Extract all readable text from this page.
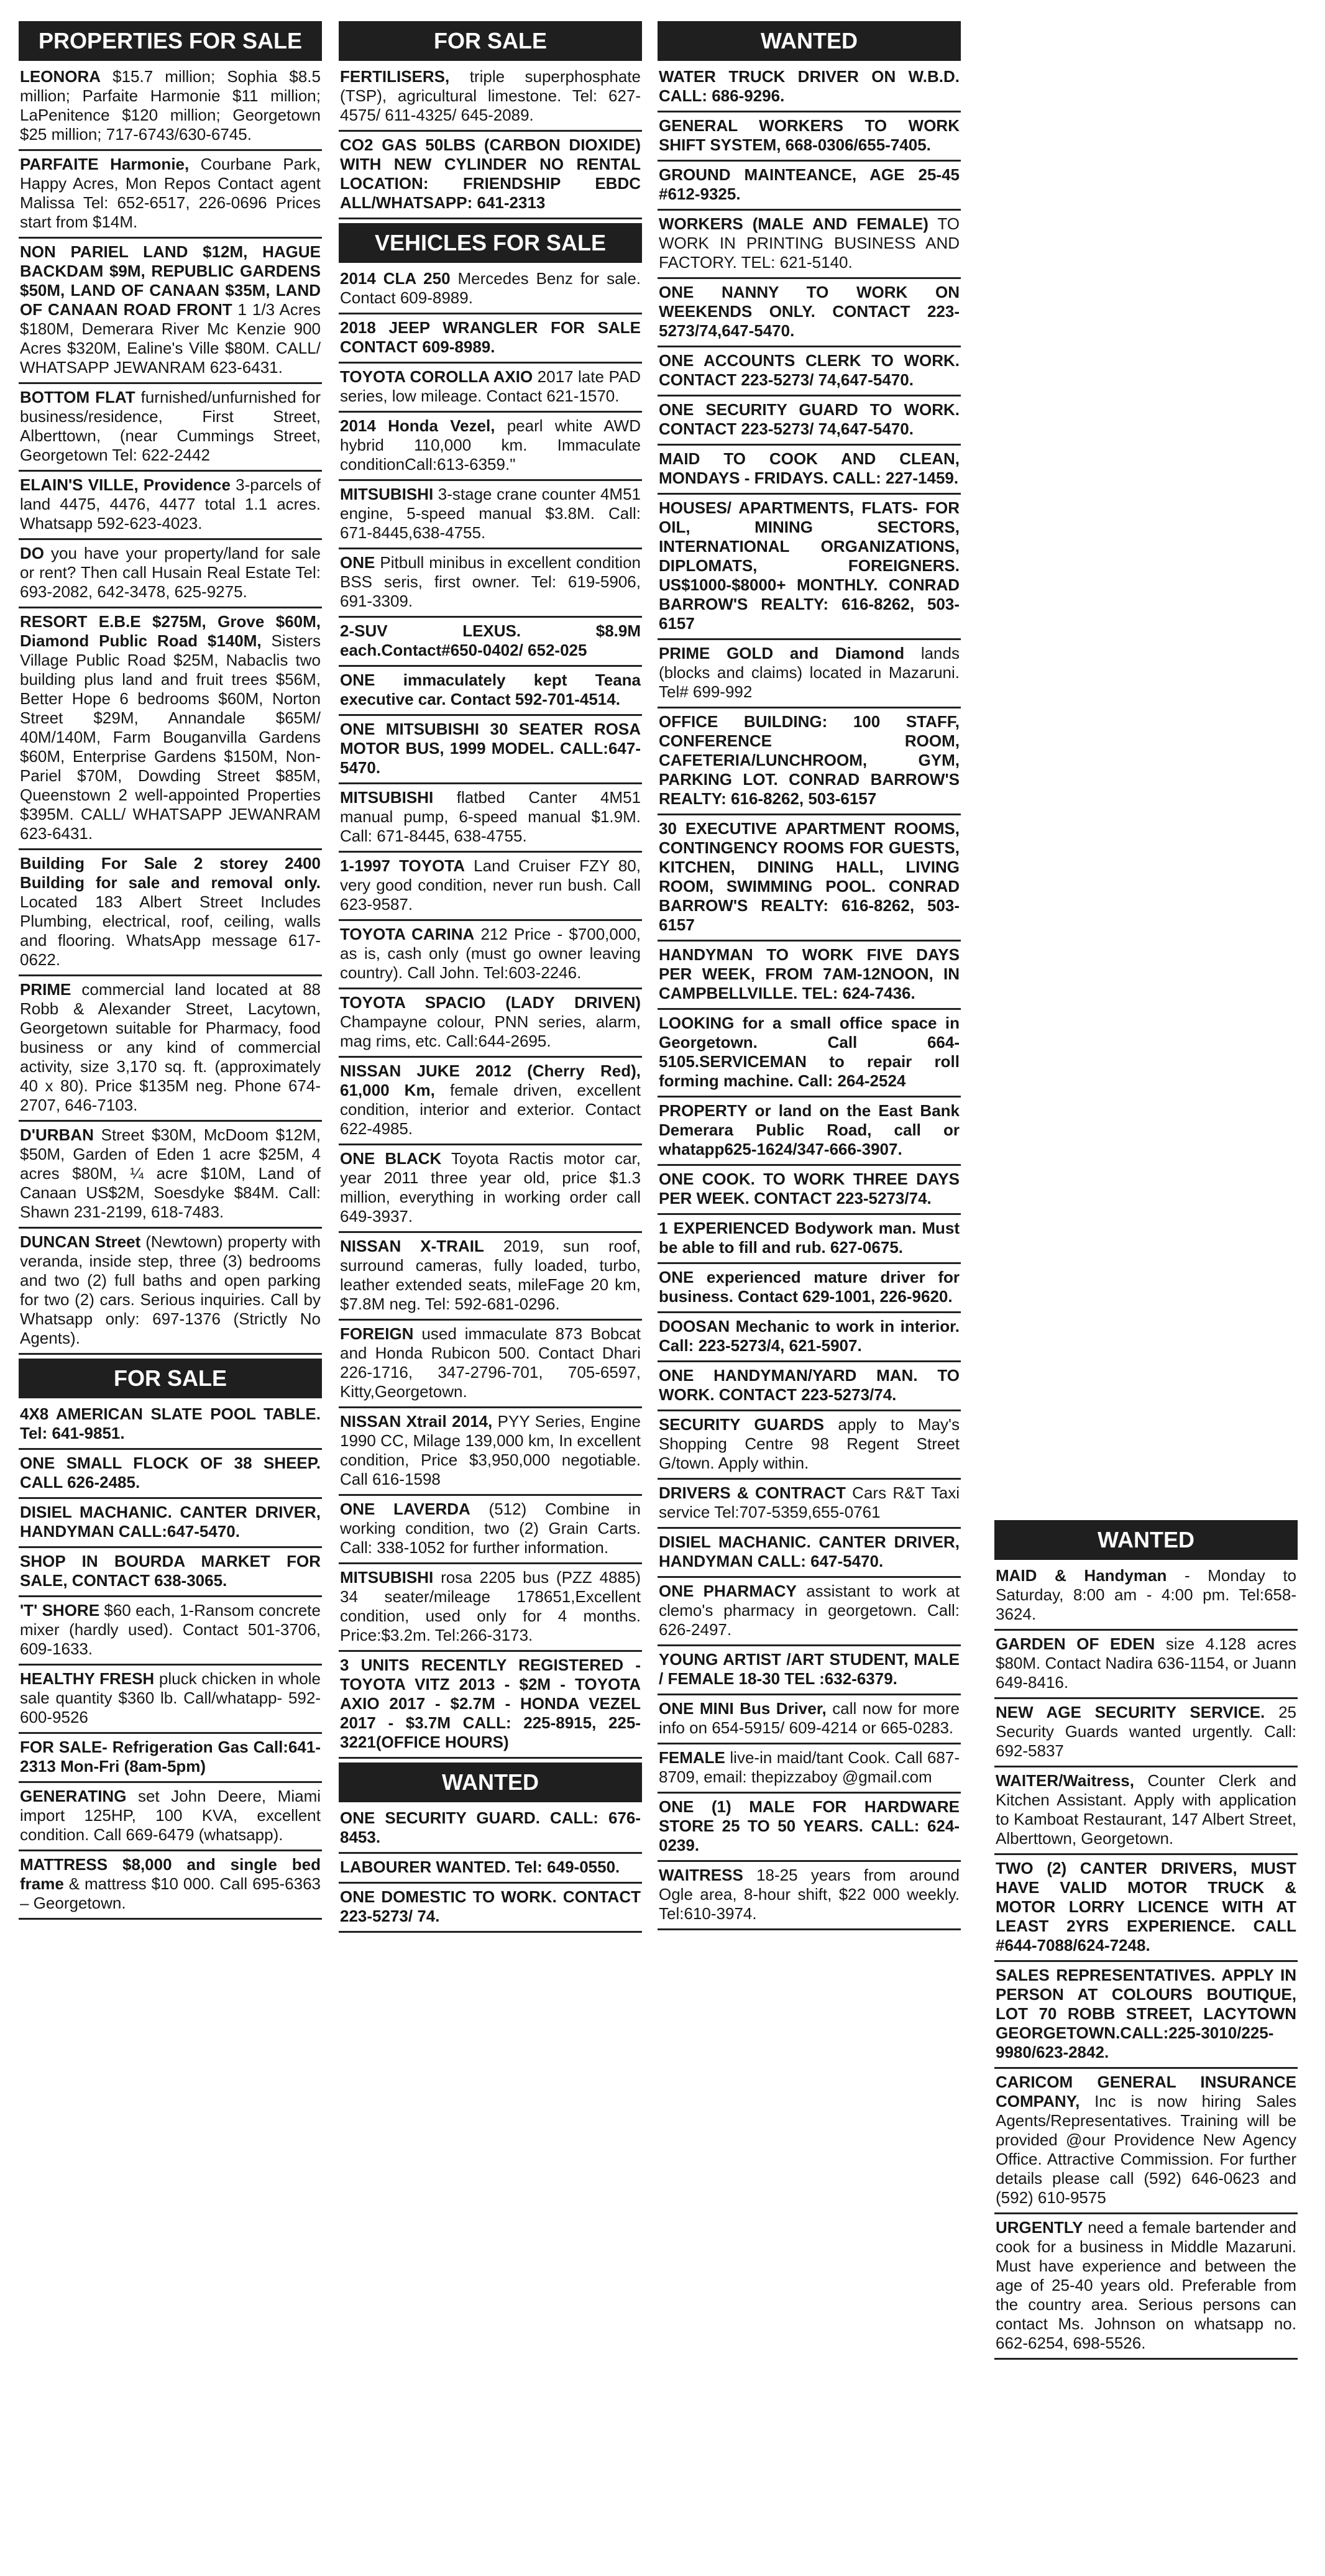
PROPERTIES FOR SALE
LEONORA $15.7 million; Sophia $8.5 million; Parfaite Harmonie $11 million; LaPenitence $120 million; Georgetown $25 million; 717-6743/630-6745.
PARFAITE Harmonie, Courbane Park, Happy Acres, Mon Repos Contact agent Malissa Tel: 652-6517, 226-0696 Prices start from $14M.
NON PARIEL LAND $12M, HAGUE BACKDAM $9M, REPUBLIC GARDENS $50M, LAND OF CANAAN $35M, LAND OF CANAAN ROAD FRONT 1 1/3 Acres $180M, Demerara River Mc Kenzie 900 Acres $320M, Ealine's Ville $80M. CALL/ WHATSAPP JEWANRAM 623-6431.
BOTTOM FLAT furnished/unfurnished for business/residence, First Street, Alberttown, (near Cummings Street, Georgetown Tel: 622-2442
ELAIN'S VILLE, Providence 3-parcels of land 4475, 4476, 4477 total 1.1 acres. Whatsapp 592-623-4023.
DO you have your property/land for sale or rent? Then call Husain Real Estate Tel: 693-2082, 642-3478, 625-9275.
RESORT E.B.E $275M, Grove $60M, Diamond Public Road $140M, Sisters Village Public Road $25M, Nabaclis two building plus land and fruit trees $56M, Better Hope 6 bedrooms $60M, Norton Street $29M, Annandale $65M/ 40M/140M, Farm Bouganvilla Gardens $60M, Enterprise Gardens $150M, Non-Pariel $70M, Dowding Street $85M, Queenstown 2 well-appointed Properties $395M. CALL/ WHATSAPP JEWANRAM 623-6431.
Building For Sale 2 storey 2400 Building for sale and removal only. Located 183 Albert Street Includes Plumbing, electrical, roof, ceiling, walls and flooring. WhatsApp message 617-0622.
PRIME commercial land located at 88 Robb & Alexander Street, Lacytown, Georgetown suitable for Pharmacy, food business or any kind of commercial activity, size 3,170 sq. ft. (approximately 40 x 80). Price $135M neg. Phone 674-2707, 646-7103.
D'URBAN Street $30M, McDoom $12M, $50M, Garden of Eden 1 acre $25M, 4 acres $80M, ¼ acre $10M, Land of Canaan US$2M, Soesdyke $84M. Call: Shawn 231-2199, 618-7483.
DUNCAN Street (Newtown) property with veranda, inside step, three (3) bedrooms and two (2) full baths and open parking for two (2) cars. Serious inquiries. Call by Whatsapp only: 697-1376 (Strictly No Agents).
FOR SALE
4X8 AMERICAN SLATE POOL TABLE. Tel: 641-9851.
ONE SMALL FLOCK OF 38 SHEEP. CALL 626-2485.
DISIEL MACHANIC. CANTER DRIVER, HANDYMAN CALL:647-5470.
SHOP IN BOURDA MARKET FOR SALE, CONTACT 638-3065.
'T' SHORE $60 each, 1-Ransom concrete mixer (hardly used). Contact 501-3706, 609-1633.
HEALTHY FRESH pluck chicken in whole sale quantity $360 lb. Call/whatapp- 592-600-9526
FOR SALE- Refrigeration Gas Call:641-2313 Mon-Fri (8am-5pm)
GENERATING set John Deere, Miami import 125HP, 100 KVA, excellent condition. Call 669-6479 (whatsapp).
MATTRESS $8,000 and single bed frame & mattress $10 000. Call 695-6363 – Georgetown.
FOR SALE
FERTILISERS, triple superphosphate (TSP), agricultural limestone. Tel: 627-4575/ 611-4325/ 645-2089.
CO2 GAS 50LBS (CARBON DIOXIDE) WITH NEW CYLINDER NO RENTAL LOCATION: FRIENDSHIP EBDC ALL/WHATSAPP: 641-2313
VEHICLES FOR SALE
2014 CLA 250 Mercedes Benz for sale. Contact 609-8989.
2018 JEEP WRANGLER FOR SALE CONTACT 609-8989.
TOYOTA COROLLA AXIO 2017 late PAD series, low mileage. Contact 621-1570.
2014 Honda Vezel, pearl white AWD hybrid 110,000 km. Immaculate conditionCall:613-6359."
MITSUBISHI 3-stage crane counter 4M51 engine, 5-speed manual $3.8M. Call: 671-8445,638-4755.
ONE Pitbull minibus in excellent condition BSS seris, first owner. Tel: 619-5906, 691-3309.
2-SUV LEXUS. $8.9M each.Contact#650-0402/ 652-025
ONE immaculately kept Teana executive car. Contact 592-701-4514.
ONE MITSUBISHI 30 SEATER ROSA MOTOR BUS, 1999 MODEL. CALL:647-5470.
MITSUBISHI flatbed Canter 4M51 manual pump, 6-speed manual $1.9M. Call: 671-8445, 638-4755.
1-1997 TOYOTA Land Cruiser FZY 80, very good condition, never run bush. Call 623-9587.
TOYOTA CARINA 212 Price - $700,000, as is, cash only (must go owner leaving country). Call John. Tel:603-2246.
TOYOTA SPACIO (LADY DRIVEN) Champayne colour, PNN series, alarm, mag rims, etc. Call:644-2695.
NISSAN JUKE 2012 (Cherry Red), 61,000 Km, female driven, excellent condition, interior and exterior. Contact 622-4985.
ONE BLACK Toyota Ractis motor car, year 2011 three year old, price $1.3 million, everything in working order call 649-3937.
NISSAN X-TRAIL 2019, sun roof, surround cameras, fully loaded, turbo, leather extended seats, mileFage 20 km, $7.8M neg. Tel: 592-681-0296.
FOREIGN used immaculate 873 Bobcat and Honda Rubicon 500. Contact Dhari 226-1716, 347-2796-701, 705-6597, Kitty,Georgetown.
NISSAN Xtrail 2014, PYY Series, Engine 1990 CC, Milage 139,000 km, In excellent condition, Price $3,950,000 negotiable. Call 616-1598
ONE LAVERDA (512) Combine in working condition, two (2) Grain Carts. Call: 338-1052 for further information.
MITSUBISHI rosa 2205 bus (PZZ 4885) 34 seater/mileage 178651,Excellent condition, used only for 4 months. Price:$3.2m. Tel:266-3173.
3 UNITS RECENTLY REGISTERED - TOYOTA VITZ 2013 - $2M - TOYOTA AXIO 2017 - $2.7M - HONDA VEZEL 2017 - $3.7M CALL: 225-8915, 225-3221(OFFICE HOURS)
WANTED
ONE SECURITY GUARD. CALL: 676-8453.
LABOURER WANTED. Tel: 649-0550.
ONE DOMESTIC TO WORK. CONTACT 223-5273/ 74.
WANTED
WATER TRUCK DRIVER ON W.B.D. CALL: 686-9296.
GENERAL WORKERS TO WORK SHIFT SYSTEM, 668-0306/655-7405.
GROUND MAINTEANCE, AGE 25-45 #612-9325.
WORKERS (MALE AND FEMALE) TO WORK IN PRINTING BUSINESS AND FACTORY. TEL: 621-5140.
ONE NANNY TO WORK ON WEEKENDS ONLY. CONTACT 223-5273/74,647-5470.
ONE ACCOUNTS CLERK TO WORK. CONTACT 223-5273/ 74,647-5470.
ONE SECURITY GUARD TO WORK. CONTACT 223-5273/ 74,647-5470.
MAID TO COOK AND CLEAN, MONDAYS - FRIDAYS. CALL: 227-1459.
HOUSES/ APARTMENTS, FLATS- FOR OIL, MINING SECTORS, INTERNATIONAL ORGANIZATIONS, DIPLOMATS, FOREIGNERS. US$1000-$8000+ MONTHLY. CONRAD BARROW'S REALTY: 616-8262, 503-6157
PRIME GOLD and Diamond lands (blocks and claims) located in Mazaruni. Tel# 699-992
OFFICE BUILDING: 100 STAFF, CONFERENCE ROOM, CAFETERIA/LUNCHROOM, GYM, PARKING LOT. CONRAD BARROW'S REALTY: 616-8262, 503-6157
30 EXECUTIVE APARTMENT ROOMS, CONTINGENCY ROOMS FOR GUESTS, KITCHEN, DINING HALL, LIVING ROOM, SWIMMING POOL. CONRAD BARROW'S REALTY: 616-8262, 503-6157
HANDYMAN TO WORK FIVE DAYS PER WEEK, FROM 7AM-12NOON, IN CAMPBELLVILLE. TEL: 624-7436.
LOOKING for a small office space in Georgetown. Call 664-5105.SERVICEMAN to repair roll forming machine. Call: 264-2524
PROPERTY or land on the East Bank Demerara Public Road, call or whatapp625-1624/347-666-3907.
ONE COOK. TO WORK THREE DAYS PER WEEK. CONTACT 223-5273/74.
1 EXPERIENCED Bodywork man. Must be able to fill and rub. 627-0675.
ONE experienced mature driver for business. Contact 629-1001, 226-9620.
DOOSAN Mechanic to work in interior. Call: 223-5273/4, 621-5907.
ONE HANDYMAN/YARD MAN. TO WORK. CONTACT 223-5273/74.
SECURITY GUARDS apply to May's Shopping Centre 98 Regent Street G/town. Apply within.
DRIVERS & CONTRACT Cars R&T Taxi service Tel:707-5359,655-0761
DISIEL MACHANIC. CANTER DRIVER, HANDYMAN CALL: 647-5470.
ONE PHARMACY assistant to work at clemo's pharmacy in georgetown. Call: 626-2497.
YOUNG ARTIST /ART STUDENT, MALE / FEMALE 18-30 TEL :632-6379.
ONE MINI Bus Driver, call now for more info on 654-5915/ 609-4214 or 665-0283.
FEMALE live-in maid/tant Cook. Call 687-8709, email: thepizzaboy @gmail.com
ONE (1) MALE FOR HARDWARE STORE 25 TO 50 YEARS. CALL: 624-0239.
WAITRESS 18-25 years from around Ogle area, 8-hour shift, $22 000 weekly. Tel:610-3974.
WANTED
MAID & Handyman - Monday to Saturday, 8:00 am - 4:00 pm. Tel:658-3624.
GARDEN OF EDEN size 4.128 acres $80M. Contact Nadira 636-1154, or Juann 649-8416.
NEW AGE SECURITY SERVICE. 25 Security Guards wanted urgently. Call: 692-5837
WAITER/Waitress, Counter Clerk and Kitchen Assistant. Apply with application to Kamboat Restaurant, 147 Albert Street, Alberttown, Georgetown.
TWO (2) CANTER DRIVERS, MUST HAVE VALID MOTOR TRUCK & MOTOR LORRY LICENCE WITH AT LEAST 2YRS EXPERIENCE. CALL #644-7088/624-7248.
SALES REPRESENTATIVES. APPLY IN PERSON AT COLOURS BOUTIQUE, LOT 70 ROBB STREET, LACYTOWN GEORGETOWN.CALL:225-3010/225-9980/623-2842.
CARICOM GENERAL INSURANCE COMPANY, Inc is now hiring Sales Agents/Representatives. Training will be provided @our Providence New Agency Office. Attractive Commission. For further details please call (592) 646-0623 and (592) 610-9575
URGENTLY need a female bartender and cook for a business in Middle Mazaruni. Must have experience and between the age of 25-40 years old. Preferable from the country area. Serious persons can contact Ms. Johnson on whatsapp no. 662-6254, 698-5526.
